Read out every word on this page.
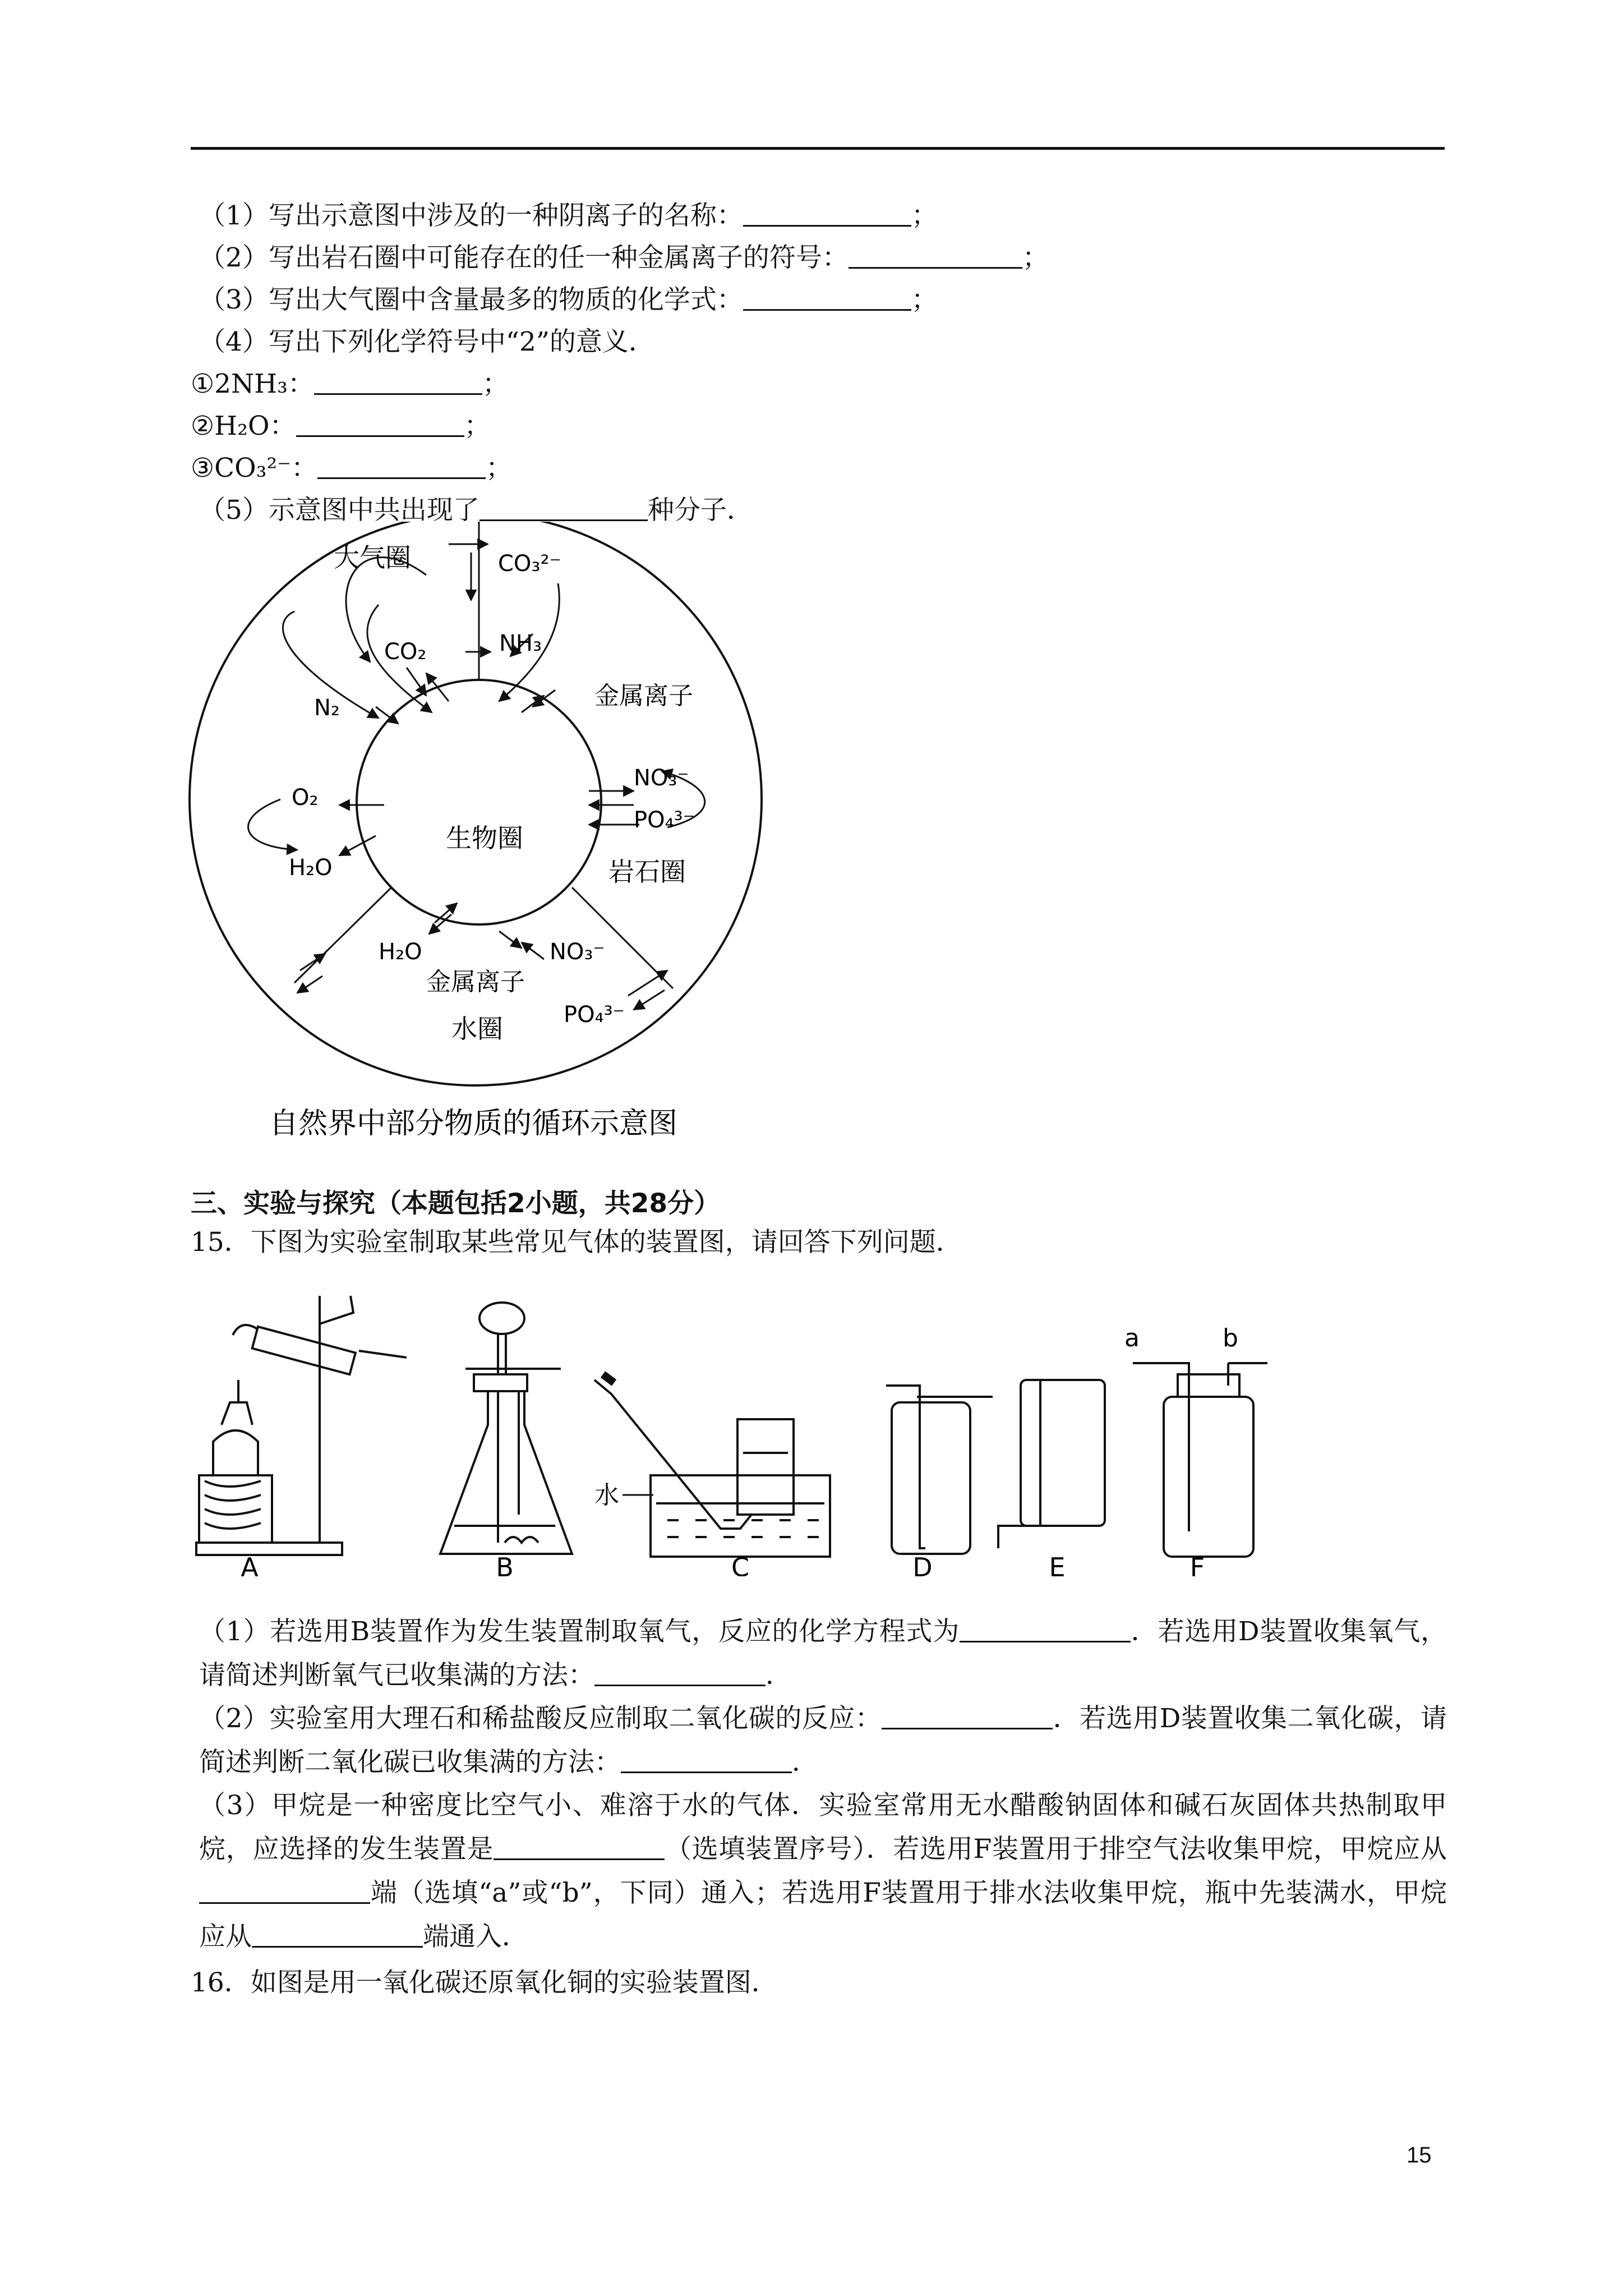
（1）写出示意图中涉及的一种阴离子的名称：	；
（2）写出岩石圈中可能存在的任一种金属离子的符号：	；
（3）写出大气圈中含量最多的物质的化学式：	；
（4）写出下列化学符号中“2”的意义．
①2NH₃：	；
②H₂O：	；
③CO₃²⁻：	；
（5）示意图中共出现了	种分子．
大气圈
生物圈
岩石圈
水圈
金属离子
金属离子
CO₃²⁻
CO₂	NH₃
N₂
O₂
H₂O
NO₃⁻
PO₄³⁻
H₂O	NO₃⁻
PO₄³⁻
自然界中部分物质的循环示意图
三、实验与探究（本题包括2小题，共28分）
15．下图为实验室制取某些常见气体的装置图，请回答下列问题．
A	B	C	D	E	F
水
a	b
（1）若选用B装置作为发生装置制取氧气，反应的化学方程式为	．若选用D装置收集氧气，请简述判断氧气已收集满的方法：	．
（2）实验室用大理石和稀盐酸反应制取二氧化碳的反应：	．若选用D装置收集二氧化碳，请简述判断二氧化碳已收集满的方法：	．
（3）甲烷是一种密度比空气小、难溶于水的气体．实验室常用无水醋酸钠固体和碱石灰固体共热制取甲烷，应选择的发生装置是	（选填装置序号）．若选用F装置用于排空气法收集甲烷，甲烷应从端（选填“a”或“b”，下同）通入；若选用F装置用于排水法收集甲烷，瓶中先装满水，甲烷应从	端通入．
16．如图是用一氧化碳还原氧化铜的实验装置图．
15
